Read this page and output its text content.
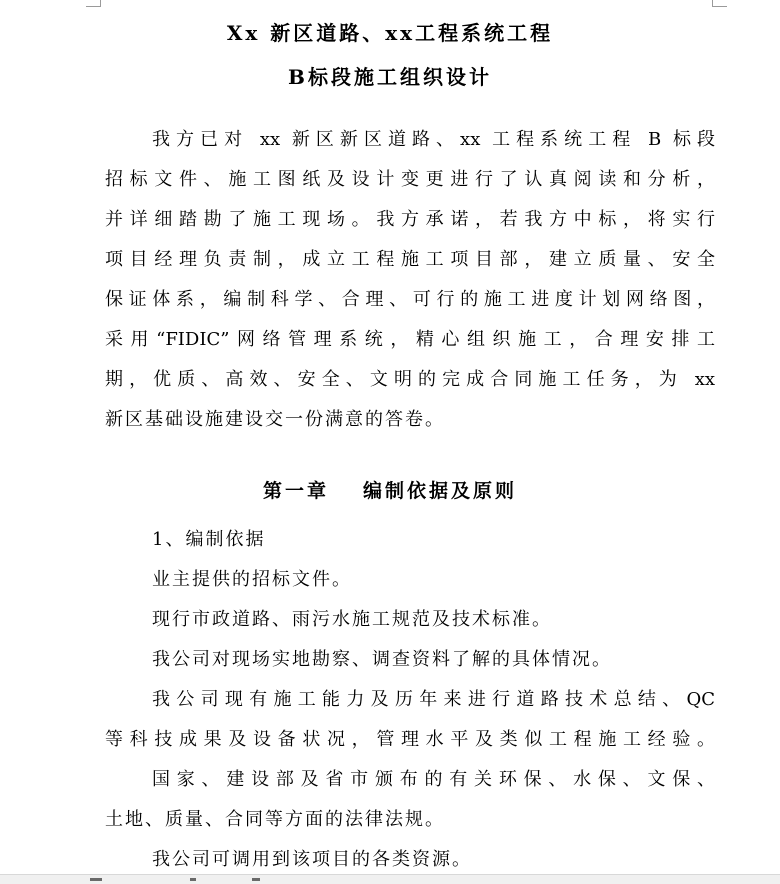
Xx 新区道路、xx工程系统工程
B标段施工组织设计

我方已对 xx 新区新区道路、xx 工程系统工程 B 标段

招标文件、施工图纸及设计变更进行了认真阅读和分析，

并详细踏勘了施工现场。我方承诺，若我方中标，将实行

项目经理负责制，成立工程施工项目部，建立质量、安全

保证体系，编制科学、合理、可行的施工进度计划网络图，

采用“FIDIC”网络管理系统，精心组织施工，合理安排工

期，优质、高效、安全、文明的完成合同施工任务，为 xx

新区基础设施建设交一份满意的答卷。

第一章 编制依据及原则

1、编制依据

业主提供的招标文件。

现行市政道路、雨污水施工规范及技术标准。

我公司对现场实地勘察、调查资料了解的具体情况。

我公司现有施工能力及历年来进行道路技术总结、QC

等科技成果及设备状况，管理水平及类似工程施工经验。

国家、建设部及省市颁布的有关环保、水保、文保、

土地、质量、合同等方面的法律法规。

我公司可调用到该项目的各类资源。
